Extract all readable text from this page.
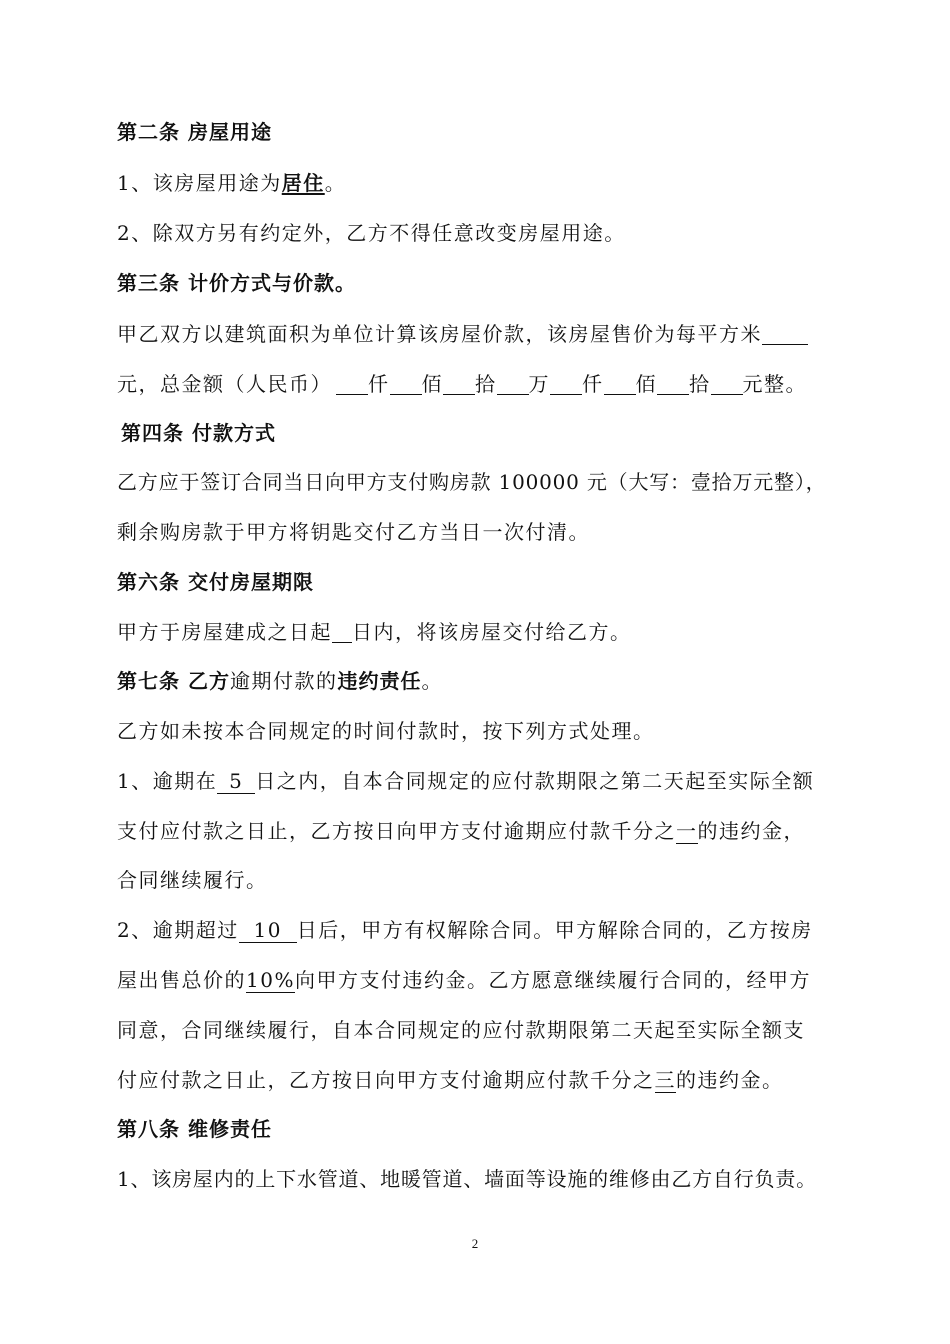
第二条 房屋用途
1、该房屋用途为居住。
2、除双方另有约定外，乙方不得任意改变房屋用途。
第三条 计价方式与价款。
甲乙双方以建筑面积为单位计算该房屋价款，该房屋售价为每平方米
元，总金额（人民币） 仟 佰 拾 万 仟 佰 拾 元整。
第四条 付款方式
乙方应于签订合同当日向甲方支付购房款 100000 元（大写：壹拾万元整），
剩余购房款于甲方将钥匙交付乙方当日一次付清。
第六条 交付房屋期限
甲方于房屋建成之日起 日内，将该房屋交付给乙方。
第七条 乙方逾期付款的违约责任。
乙方如未按本合同规定的时间付款时，按下列方式处理。
1、逾期在 5 日之内，自本合同规定的应付款期限之第二天起至实际全额
支付应付款之日止，乙方按日向甲方支付逾期应付款千分之一的违约金，
合同继续履行。
2、逾期超过 10 日后，甲方有权解除合同。甲方解除合同的，乙方按房
屋出售总价的10%向甲方支付违约金。乙方愿意继续履行合同的，经甲方
同意，合同继续履行，自本合同规定的应付款期限第二天起至实际全额支
付应付款之日止，乙方按日向甲方支付逾期应付款千分之三的违约金。
第八条 维修责任
1、该房屋内的上下水管道、地暖管道、墙面等设施的维修由乙方自行负责。
2
